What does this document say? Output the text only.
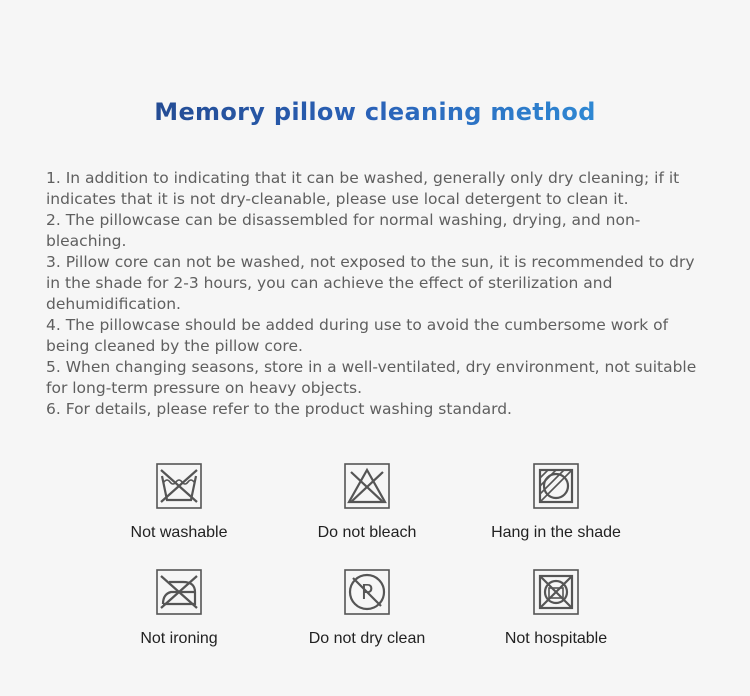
Memory pillow cleaning method

1. In addition to indicating that it can be washed, generally only dry cleaning; if it indicates that it is not dry-cleanable, please use local detergent to clean it.

2. The pillowcase can be disassembled for normal washing, drying, and non-bleaching.

3. Pillow core can not be washed, not exposed to the sun, it is recommended to dry in the shade for 2-3 hours, you can achieve the effect of sterilization and dehumidification.

4. The pillowcase should be added during use to avoid the cumbersome work of being cleaned by the pillow core.

5. When changing seasons, store in a well-ventilated, dry environment, not suitable for long-term pressure on heavy objects.

6. For details, please refer to the product washing standard.

Not washable	Do not bleach	Hang in the shade
Not ironing
P
Do not dry clean	Not hospitable
